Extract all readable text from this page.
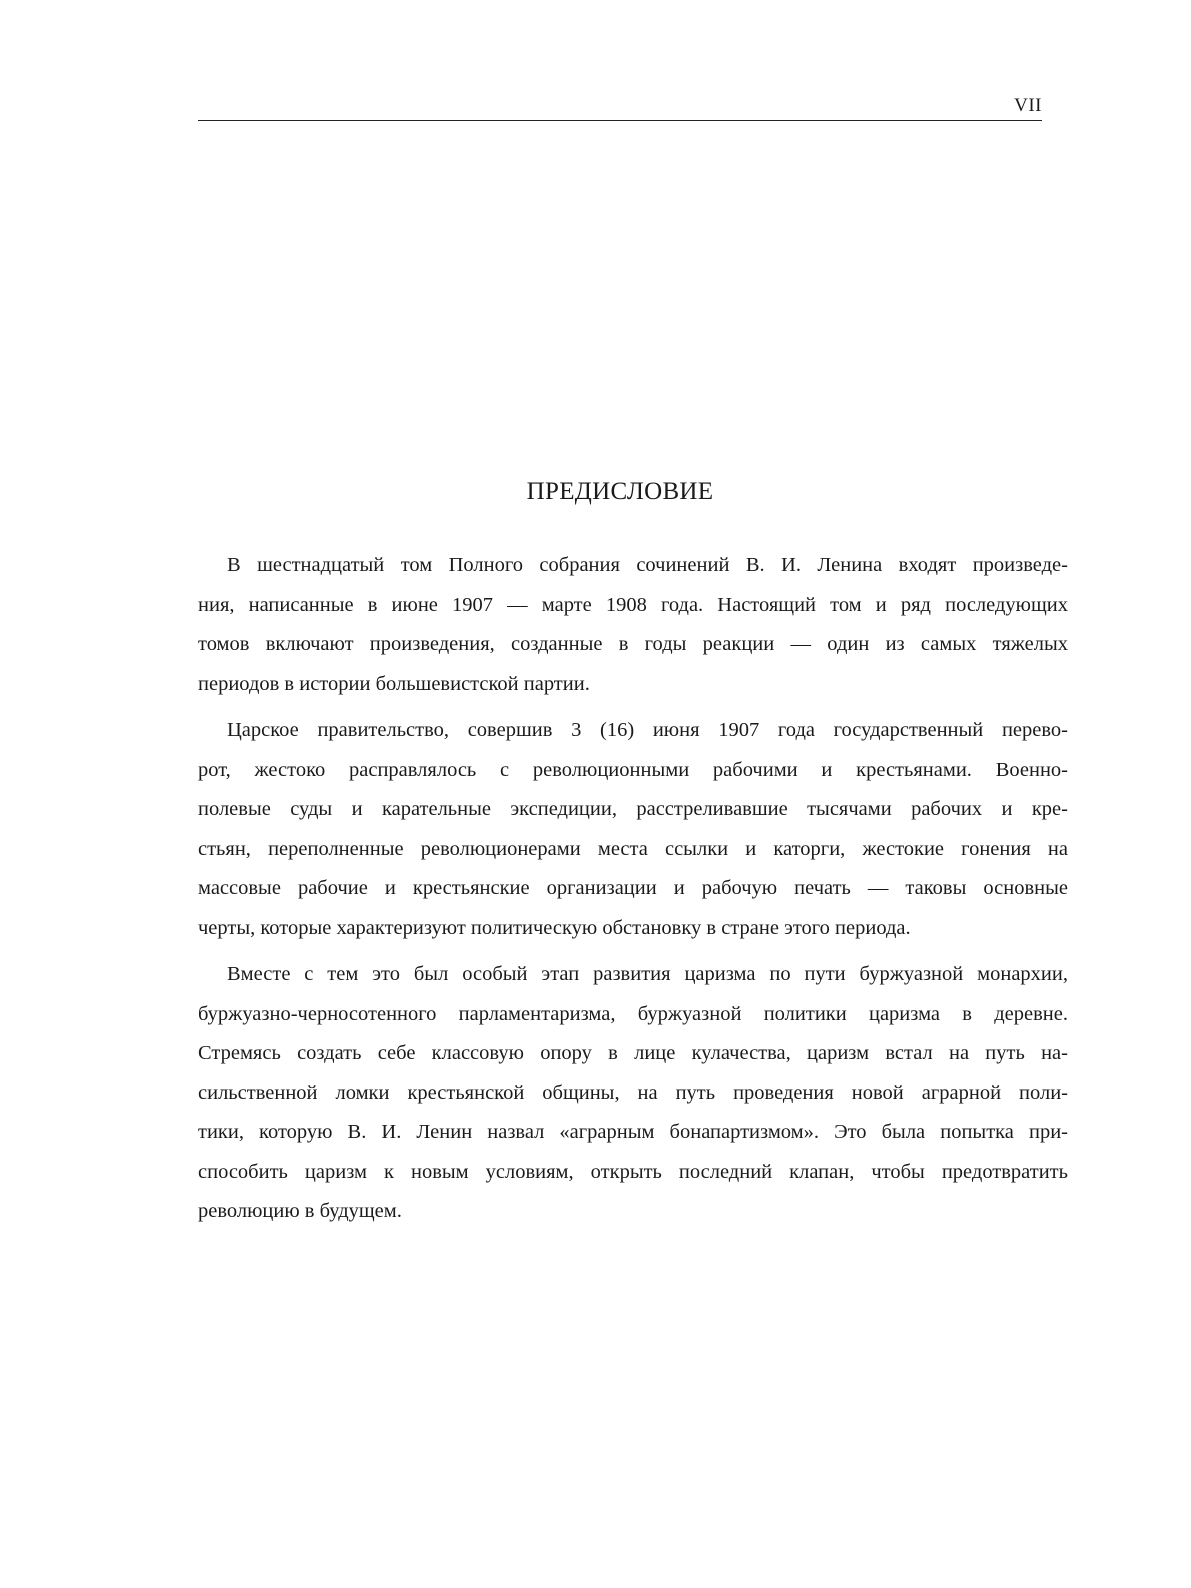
VII
ПРЕДИСЛОВИЕ
В шестнадцатый том Полного собрания сочинений В. И. Ленина входят произведе-
ния, написанные в июне 1907 — марте 1908 года. Настоящий том и ряд последующих
томов включают произведения, созданные в годы реакции — один из самых тяжелых
периодов в истории большевистской партии.
Царское правительство, совершив 3 (16) июня 1907 года государственный перево-
рот, жестоко расправлялось с революционными рабочими и крестьянами. Военно-
полевые суды и карательные экспедиции, расстреливавшие тысячами рабочих и кре-
стьян, переполненные революционерами места ссылки и каторги, жестокие гонения на
массовые рабочие и крестьянские организации и рабочую печать — таковы основные
черты, которые характеризуют политическую обстановку в стране этого периода.
Вместе с тем это был особый этап развития царизма по пути буржуазной монархии,
буржуазно-черносотенного парламентаризма, буржуазной политики царизма в деревне.
Стремясь создать себе классовую опору в лице кулачества, царизм встал на путь на-
сильственной ломки крестьянской общины, на путь проведения новой аграрной поли-
тики, которую В. И. Ленин назвал «аграрным бонапартизмом». Это была попытка при-
способить царизм к новым условиям, открыть последний клапан, чтобы предотвратить
революцию в будущем.
